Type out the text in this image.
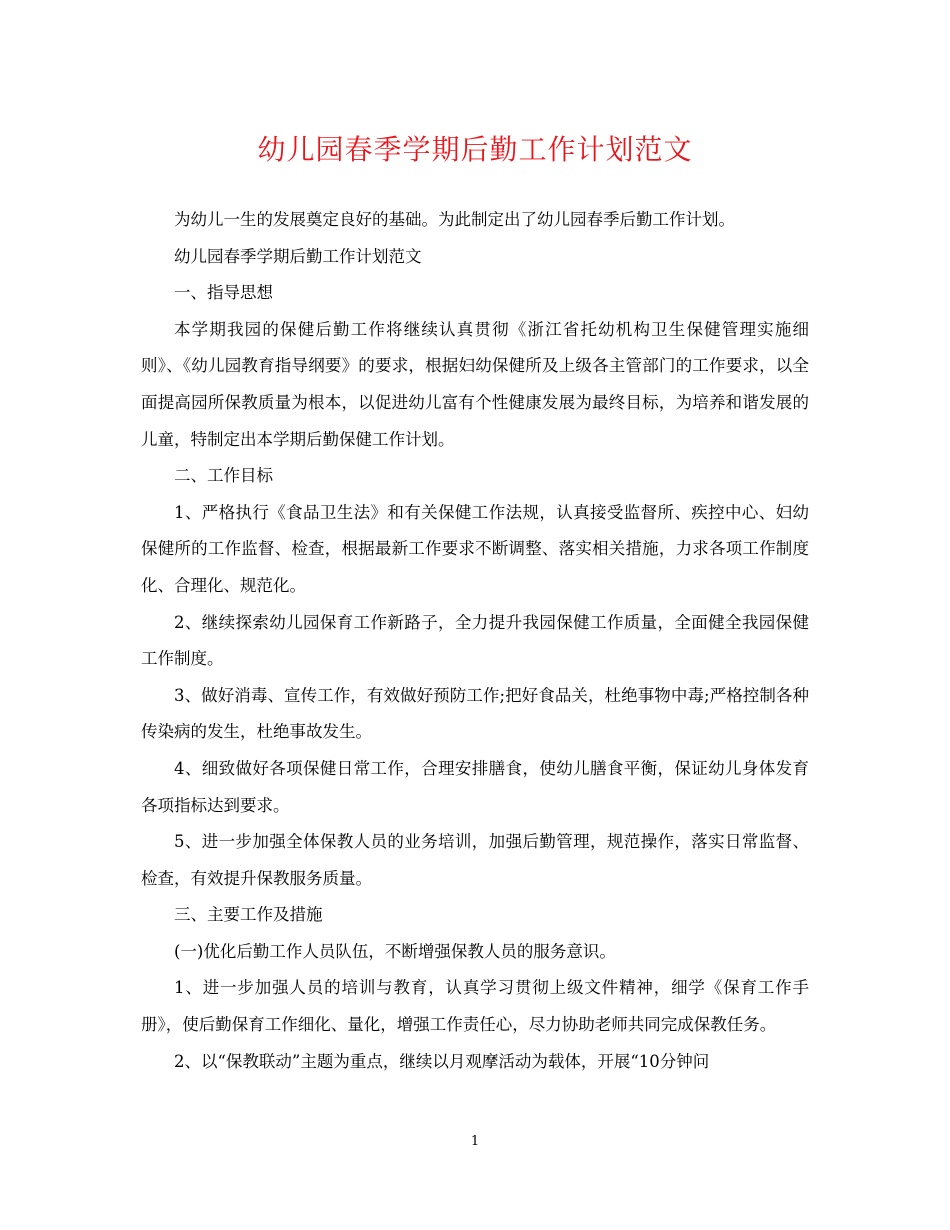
幼儿园春季学期后勤工作计划范文

为幼儿一生的发展奠定良好的基础。为此制定出了幼儿园春季后勤工作计划。

幼儿园春季学期后勤工作计划范文

一、指导思想

本学期我园的保健后勤工作将继续认真贯彻《浙江省托幼机构卫生保健管理实施细则》、《幼儿园教育指导纲要》的要求，根据妇幼保健所及上级各主管部门的工作要求，以全面提高园所保教质量为根本，以促进幼儿富有个性健康发展为最终目标，为培养和谐发展的儿童，特制定出本学期后勤保健工作计划。

二、工作目标

1、严格执行《食品卫生法》和有关保健工作法规，认真接受监督所、疾控中心、妇幼保健所的工作监督、检查，根据最新工作要求不断调整、落实相关措施，力求各项工作制度化、合理化、规范化。

2、继续探索幼儿园保育工作新路子，全力提升我园保健工作质量，全面健全我园保健工作制度。

3、做好消毒、宣传工作，有效做好预防工作;把好食品关，杜绝事物中毒;严格控制各种传染病的发生，杜绝事故发生。

4、细致做好各项保健日常工作，合理安排膳食，使幼儿膳食平衡，保证幼儿身体发育各项指标达到要求。

5、进一步加强全体保教人员的业务培训，加强后勤管理，规范操作，落实日常监督、检查，有效提升保教服务质量。

三、主要工作及措施

(一)优化后勤工作人员队伍，不断增强保教人员的服务意识。

1、进一步加强人员的培训与教育，认真学习贯彻上级文件精神，细学《保育工作手册》，使后勤保育工作细化、量化，增强工作责任心，尽力协助老师共同完成保教任务。

2、以“保教联动”主题为重点，继续以月观摩活动为载体，开展“10分钟问

1
